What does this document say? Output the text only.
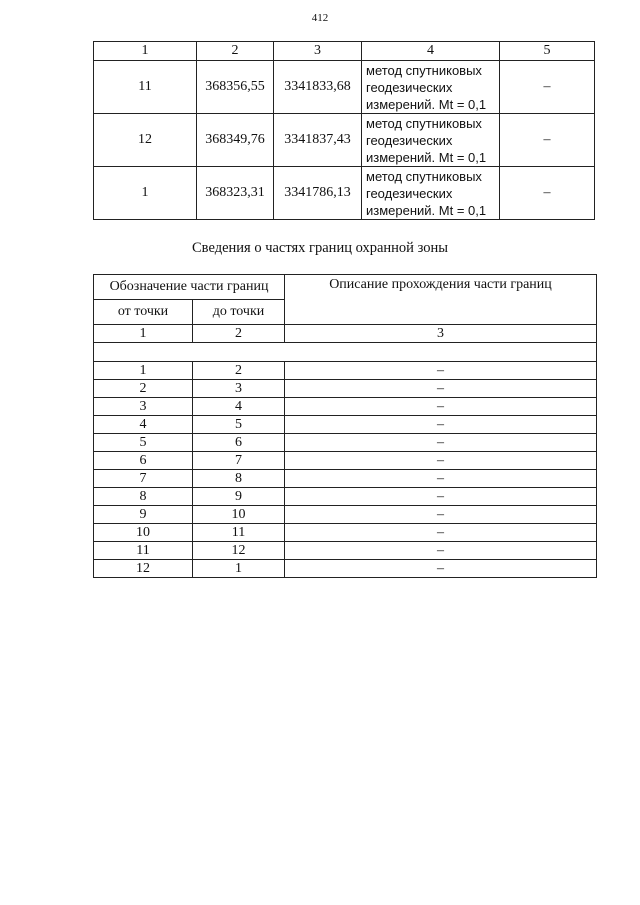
412
1	2	3	4	5
11	368356,55	3341833,68	метод спутниковых
геодезических
измерений. Mt = 0,1	–
12	368349,76	3341837,43	метод спутниковых
геодезических
измерений. Mt = 0,1	–
1	368323,31	3341786,13	метод спутниковых
геодезических
измерений. Mt = 0,1	–
Сведения о частях границ охранной зоны
Обозначение части границ		Описание прохождения части границ
от точки	до точки	
1	2	3

1	2	–
2	3	–
3	4	–
4	5	–
5	6	–
6	7	–
7	8	–
8	9	–
9	10	–
10	11	–
11	12	–
12	1	–
